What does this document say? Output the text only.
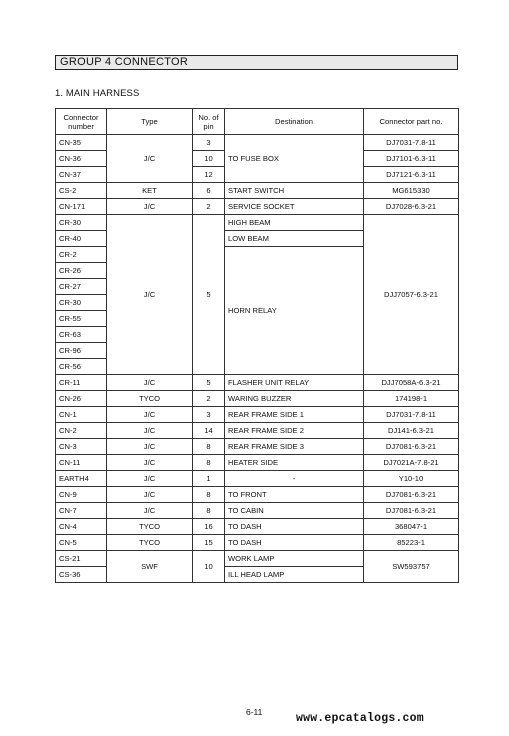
GROUP 4 CONNECTOR
1. MAIN HARNESS
Connector
number	Type	No. of
pin	Destination	Connector part no.
CN-35	J/C	3	TO FUSE BOX	DJ7031-7.8-11
CN-36		10		DJ7101-6.3-11
CN-37		12		DJ7121-6.3-11
CS-2	KET	6	START SWITCH	MG615330
CN-171	J/C	2	SERVICE SOCKET	DJ7028-6.3-21
CR-30	J/C	5	HIGH BEAM	DJJ7057-6.3-21
CR-40			LOW BEAM	
CR-2			HORN RELAY	
CR-26				
CR-27				
CR-30				
CR-55				
CR-63				
CR-96				
CR-56				
CR-11	J/C	5	FLASHER UNIT RELAY	DJJ7058A-6.3-21
CN-26	TYCO	2	WARING BUZZER	174198-1
CN-1	J/C	3	REAR FRAME SIDE 1	DJ7031-7.8-11
CN-2	J/C	14	REAR FRAME SIDE 2	DJ141-6.3-21
CN-3	J/C	8	REAR FRAME SIDE 3	DJ7081-6.3-21
CN-11	J/C	8	HEATER SIDE	DJ7021A-7.8-21
EARTH4	J/C	1	-	Y10-10
CN-9	J/C	8	TO FRONT	DJ7081-6.3-21
CN-7	J/C	8	TO CABIN	DJ7081-6.3-21
CN-4	TYCO	16	TO DASH	368047-1
CN-5	TYCO	15	TO DASH	85223-1
CS-21	SWF	10	WORK LAMP	SW593757
CS-36			ILL HEAD LAMP	
6-11	www.epcatalogs.com
